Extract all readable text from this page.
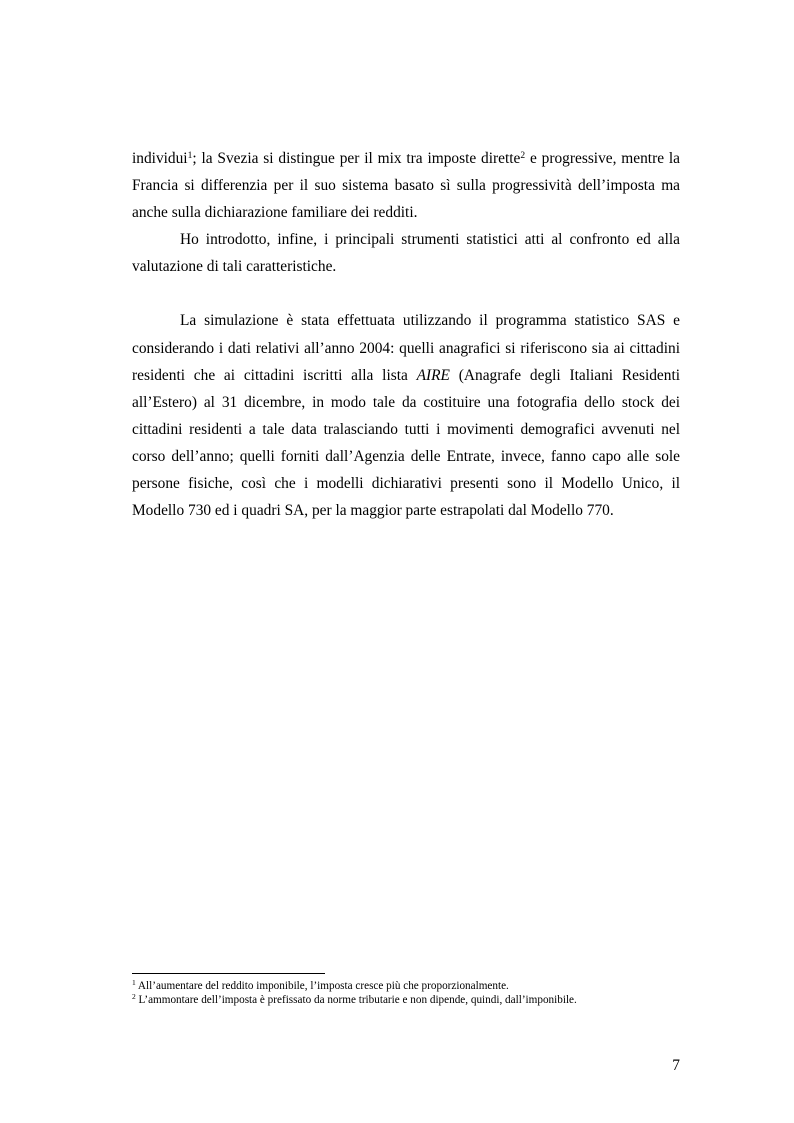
individui$^1$; la Svezia si distingue per il mix tra imposte dirette$^2$ e progressive, mentre la Francia si differenzia per il suo sistema basato sì sulla progressività dell’imposta ma anche sulla dichiarazione familiare dei redditi.

Ho introdotto, infine, i principali strumenti statistici atti al confronto ed alla valutazione di tali caratteristiche.

La simulazione è stata effettuata utilizzando il programma statistico SAS e considerando i dati relativi all’anno 2004: quelli anagrafici si riferiscono sia ai cittadini residenti che ai cittadini iscritti alla lista AIRE (Anagrafe degli Italiani Residenti all’Estero) al 31 dicembre, in modo tale da costituire una fotografia dello stock dei cittadini residenti a tale data tralasciando tutti i movimenti demografici avvenuti nel corso dell’anno; quelli forniti dall’Agenzia delle Entrate, invece, fanno capo alle sole persone fisiche, così che i modelli dichiarativi presenti sono il Modello Unico, il Modello 730 ed i quadri SA, per la maggior parte estrapolati dal Modello 770.

$^1$ All’aumentare del reddito imponibile, l’imposta cresce più che proporzionalmente.

$^2$ L’ammontare dell’imposta è prefissato da norme tributarie e non dipende, quindi, dall’imponibile.

7
